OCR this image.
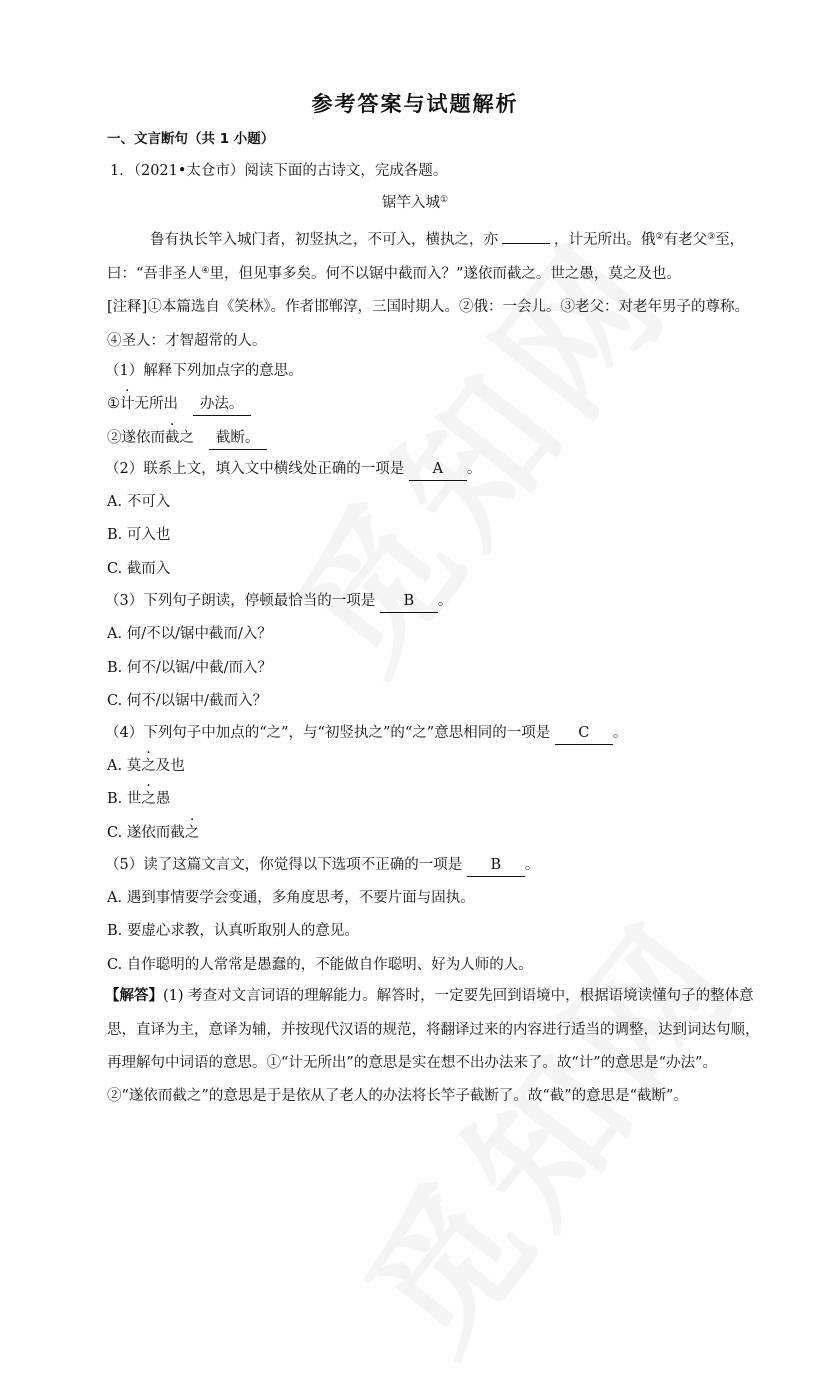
参考答案与试题解析
一、文言断句（共 1 小题）
1．（2021•太仓市）阅读下面的古诗文，完成各题。
锯竿入城①
鲁有执长竿入城门者，初竖执之，不可入，横执之，亦	，计无所出。俄②有老父③至，
曰：“吾非圣人④里，但见事多矣。何不以锯中截而入？”遂依而截之。世之愚，莫之及也。
[注释]①本篇选自《笑林》。作者邯郸淳，三国时期人。②俄：一会儿。③老父：对老年男子的尊称。
④圣人：才智超常的人。
（1）解释下列加点字的意思。
①计无所出 办法。
②遂依而截之 截断。
（2）联系上文，填入文中横线处正确的一项是 A 。
A. 不可入
B. 可入也
C. 截而入
（3）下列句子朗读，停顿最恰当的一项是 B 。
A. 何/不以/锯中截而/入？
B. 何不/以锯/中截/而入？
C. 何不/以锯中/截而入？
（4）下列句子中加点的“之”，与“初竖执之”的“之”意思相同的一项是 C 。
A. 莫之及也
B. 世之愚
C. 遂依而截之
（5）读了这篇文言文，你觉得以下选项不正确的一项是 B 。
A. 遇到事情要学会变通，多角度思考，不要片面与固执。
B. 要虚心求教，认真听取别人的意见。
C. 自作聪明的人常常是愚蠢的，不能做自作聪明、好为人师的人。
【解答】(1) 考查对文言词语的理解能力。解答时，一定要先回到语境中，根据语境读懂句子的整体意
思，直译为主，意译为辅，并按现代汉语的规范，将翻译过来的内容进行适当的调整，达到词达句顺，
再理解句中词语的意思。①“计无所出”的意思是实在想不出办法来了。故“计”的意思是“办法”。
②“遂依而截之”的意思是于是依从了老人的办法将长竿子截断了。故“截”的意思是“截断”。
